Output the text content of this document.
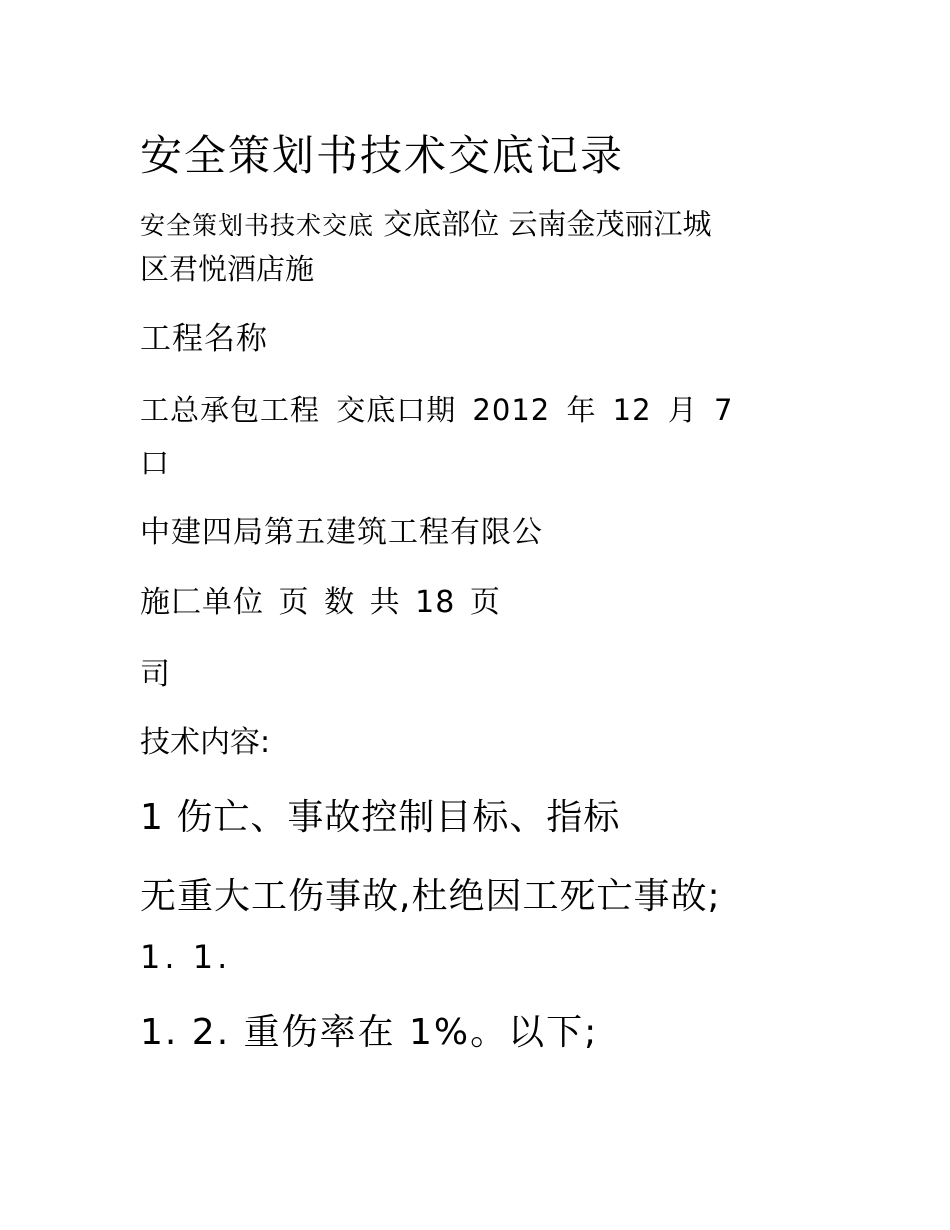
安全策划书技术交底记录
安全策划书技术交底 交底部位 云南金茂丽江城
区君悦酒店施
工程名称
工总承包工程 交底口期 2012 年 12 月 7
口
中建四局第五建筑工程有限公
施匚单位 页 数 共 18 页
司
技术内容:
1 伤亡、事故控制目标、指标
无重大工伤事故,杜绝因工死亡事故;
1. 1.
1. 2. 重伤率在 1%。以下;
